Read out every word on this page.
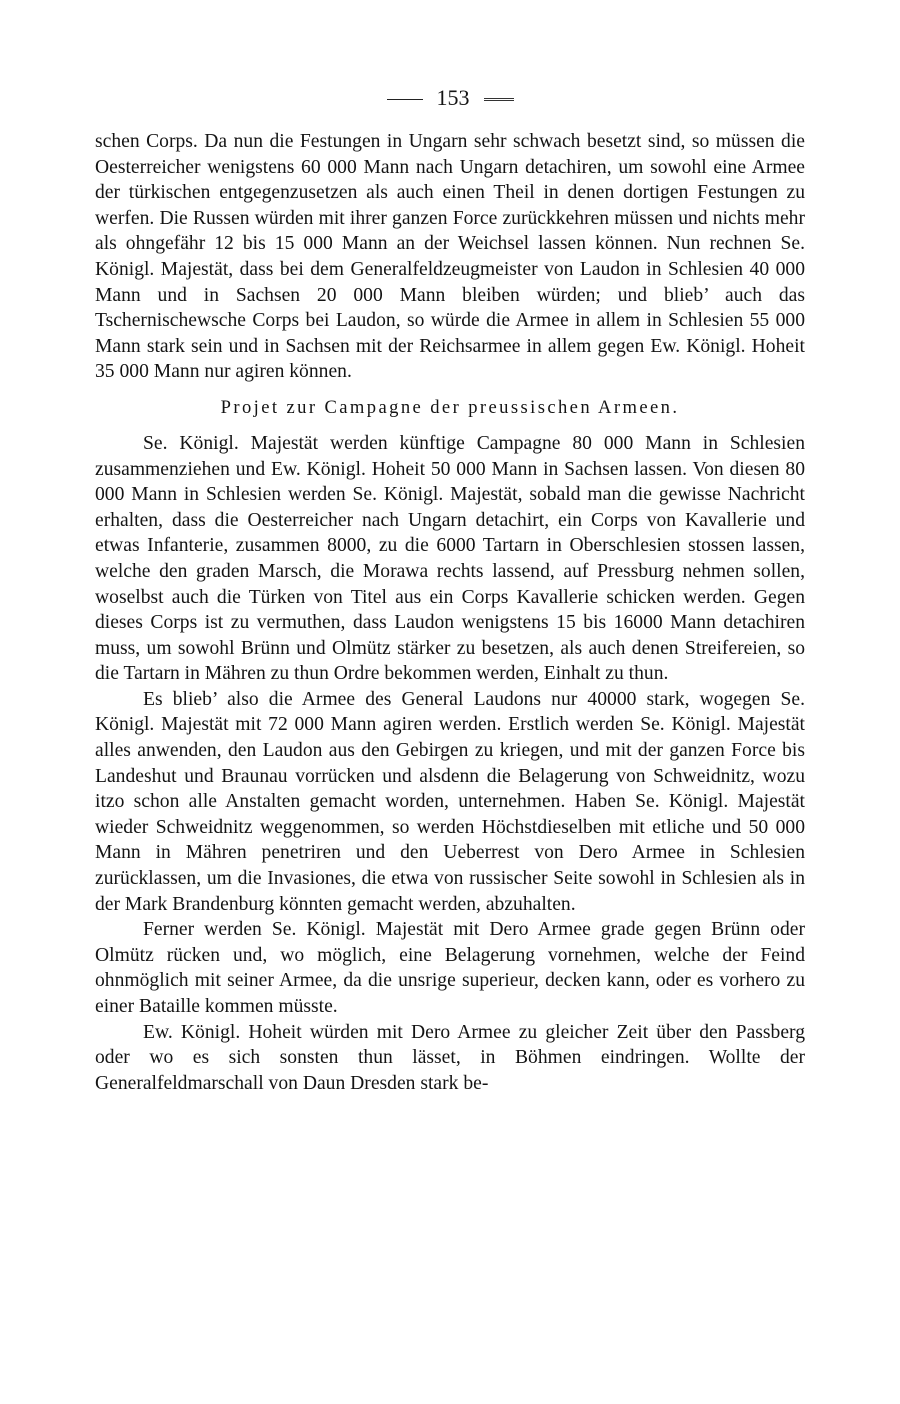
153

schen Corps. Da nun die Festungen in Ungarn sehr schwach besetzt sind, so müssen die Oesterreicher wenigstens 60 000 Mann nach Ungarn detachiren, um sowohl eine Armee der türkischen entgegenzusetzen als auch einen Theil in denen dortigen Festungen zu werfen. Die Russen würden mit ihrer ganzen Force zurückkehren müssen und nichts mehr als ohngefähr 12 bis 15 000 Mann an der Weichsel lassen können. Nun rechnen Se. Königl. Majestät, dass bei dem Generalfeldzeugmeister von Laudon in Schlesien 40 000 Mann und in Sachsen 20 000 Mann bleiben würden; und blieb’ auch das Tschernischewsche Corps bei Laudon, so würde die Armee in allem in Schlesien 55 000 Mann stark sein und in Sachsen mit der Reichsarmee in allem gegen Ew. Königl. Hoheit 35 000 Mann nur agiren können.

Projet zur Campagne der preussischen Armeen.

Se. Königl. Majestät werden künftige Campagne 80 000 Mann in Schlesien zusammenziehen und Ew. Königl. Hoheit 50 000 Mann in Sachsen lassen. Von diesen 80 000 Mann in Schlesien werden Se. Königl. Majestät, sobald man die gewisse Nachricht erhalten, dass die Oesterreicher nach Ungarn detachirt, ein Corps von Kavallerie und etwas Infanterie, zusammen 8000, zu die 6000 Tartarn in Oberschlesien stossen lassen, welche den graden Marsch, die Morawa rechts lassend, auf Pressburg nehmen sollen, woselbst auch die Türken von Titel aus ein Corps Kavallerie schicken werden. Gegen dieses Corps ist zu vermuthen, dass Laudon wenigstens 15 bis 16000 Mann detachiren muss, um sowohl Brünn und Olmütz stärker zu besetzen, als auch denen Streifereien, so die Tartarn in Mähren zu thun Ordre bekommen werden, Einhalt zu thun.

Es blieb’ also die Armee des General Laudons nur 40000 stark, wogegen Se. Königl. Majestät mit 72 000 Mann agiren werden. Erstlich werden Se. Königl. Majestät alles anwenden, den Laudon aus den Gebirgen zu kriegen, und mit der ganzen Force bis Landeshut und Braunau vorrücken und alsdenn die Belagerung von Schweidnitz, wozu itzo schon alle Anstalten gemacht worden, unternehmen. Haben Se. Königl. Majestät wieder Schweidnitz weggenommen, so werden Höchstdieselben mit etliche und 50 000 Mann in Mähren penetriren und den Ueberrest von Dero Armee in Schlesien zurücklassen, um die Invasiones, die etwa von russischer Seite sowohl in Schlesien als in der Mark Brandenburg könnten gemacht werden, abzuhalten.

Ferner werden Se. Königl. Majestät mit Dero Armee grade gegen Brünn oder Olmütz rücken und, wo möglich, eine Belagerung vornehmen, welche der Feind ohnmöglich mit seiner Armee, da die unsrige superieur, decken kann, oder es vorhero zu einer Bataille kommen müsste.

Ew. Königl. Hoheit würden mit Dero Armee zu gleicher Zeit über den Passberg oder wo es sich sonsten thun lässet, in Böhmen eindringen. Wollte der Generalfeldmarschall von Daun Dresden stark be-
